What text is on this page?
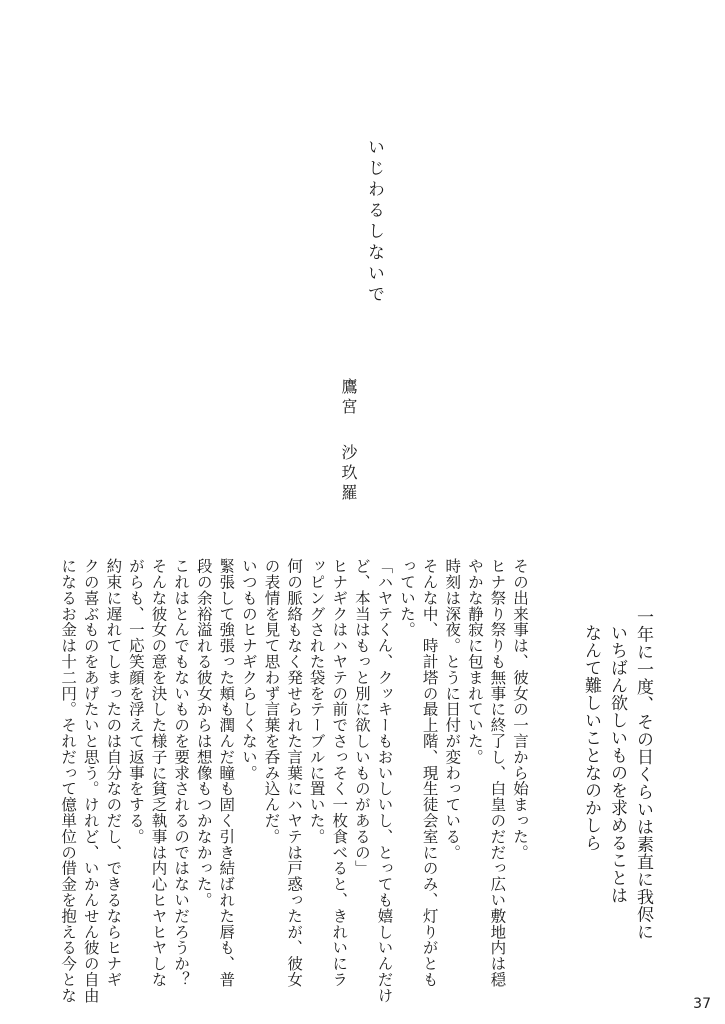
いじわるしないで
鷹宮沙玖羅
一年に一度、その日くらいは素直に我侭に
いちばん欲しいものを求めることは
なんて難しいことなのかしら
その出来事は、彼女の一言から始まった。
ヒナ祭り祭りも無事に終了し、白皇のだだっ広い敷地内は穏
やかな静寂に包まれていた。
時刻は深夜。とうに日付が変わっている。
そんな中、時計塔の最上階、現生徒会室にのみ、灯りがとも
っていた。
「ハヤテくん、クッキーもおいしいし、とっても嬉しいんだけ
ど、本当はもっと別に欲しいものがあるの」
ヒナギクはハヤテの前でさっそく一枚食べると、きれいにラ
ッピングされた袋をテーブルに置いた。
何の脈絡もなく発せられた言葉にハヤテは戸惑ったが、彼女
の表情を見て思わず言葉を呑み込んだ。
いつものヒナギクらしくない。
緊張して強張った頬も潤んだ瞳も固く引き結ばれた唇も、普
段の余裕溢れる彼女からは想像もつかなかった。
これはとんでもないものを要求されるのではないだろうか？
そんな彼女の意を決した様子に貧乏執事は内心ヒヤヒヤしな
がらも、一応笑顔を浮えて返事をする。
約束に遅れてしまったのは自分なのだし、できるならヒナギ
クの喜ぶものをあげたいと思う。けれど、いかんせん彼の自由
になるお金は十二円。それだって億単位の借金を抱える今とな
37
